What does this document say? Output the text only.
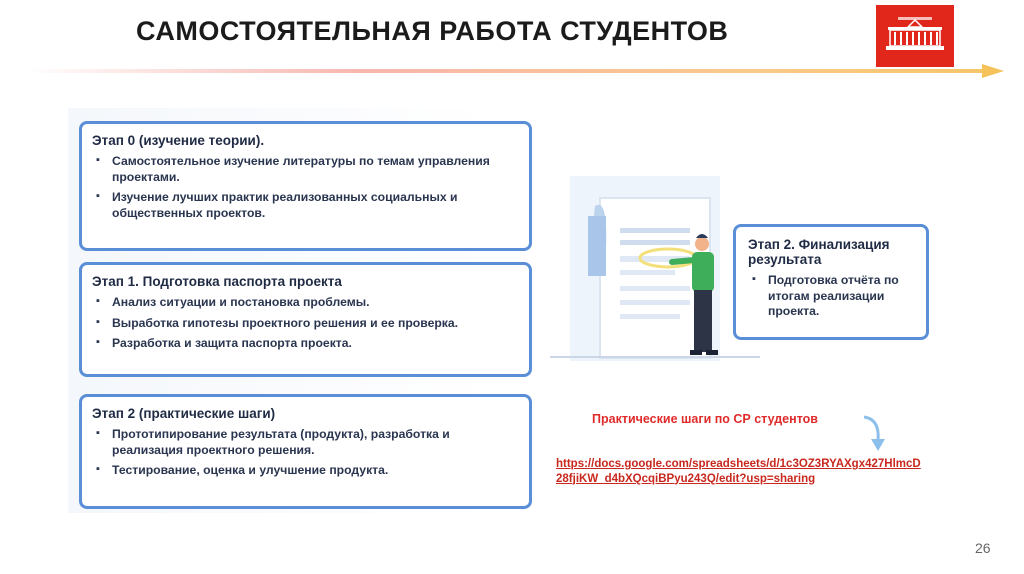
САМОСТОЯТЕЛЬНАЯ РАБОТА СТУДЕНТОВ
Этап 0 (изучение теории).
▪ Самостоятельное изучение литературы по темам управления проектами.
▪ Изучение лучших практик реализованных социальных и общественных проектов.
Этап 1. Подготовка паспорта проекта
▪ Анализ ситуации и постановка проблемы.
▪ Выработка гипотезы проектного решения и ее проверка.
▪ Разработка и защита паспорта проекта.
Этап 2 (практические шаги)
▪ Прототипирование результата (продукта), разработка и реализация проектного решения.
▪ Тестирование, оценка и улучшение продукта.
Этап 2. Финализация результата
▪ Подготовка отчёта по итогам реализации проекта.
Практические шаги по СР студентов
https://docs.google.com/spreadsheets/d/1c3OZ3RYAXgx427HlmcD28fjiKW_d4bXQcqiBPyu243Q/edit?usp=sharing
26
